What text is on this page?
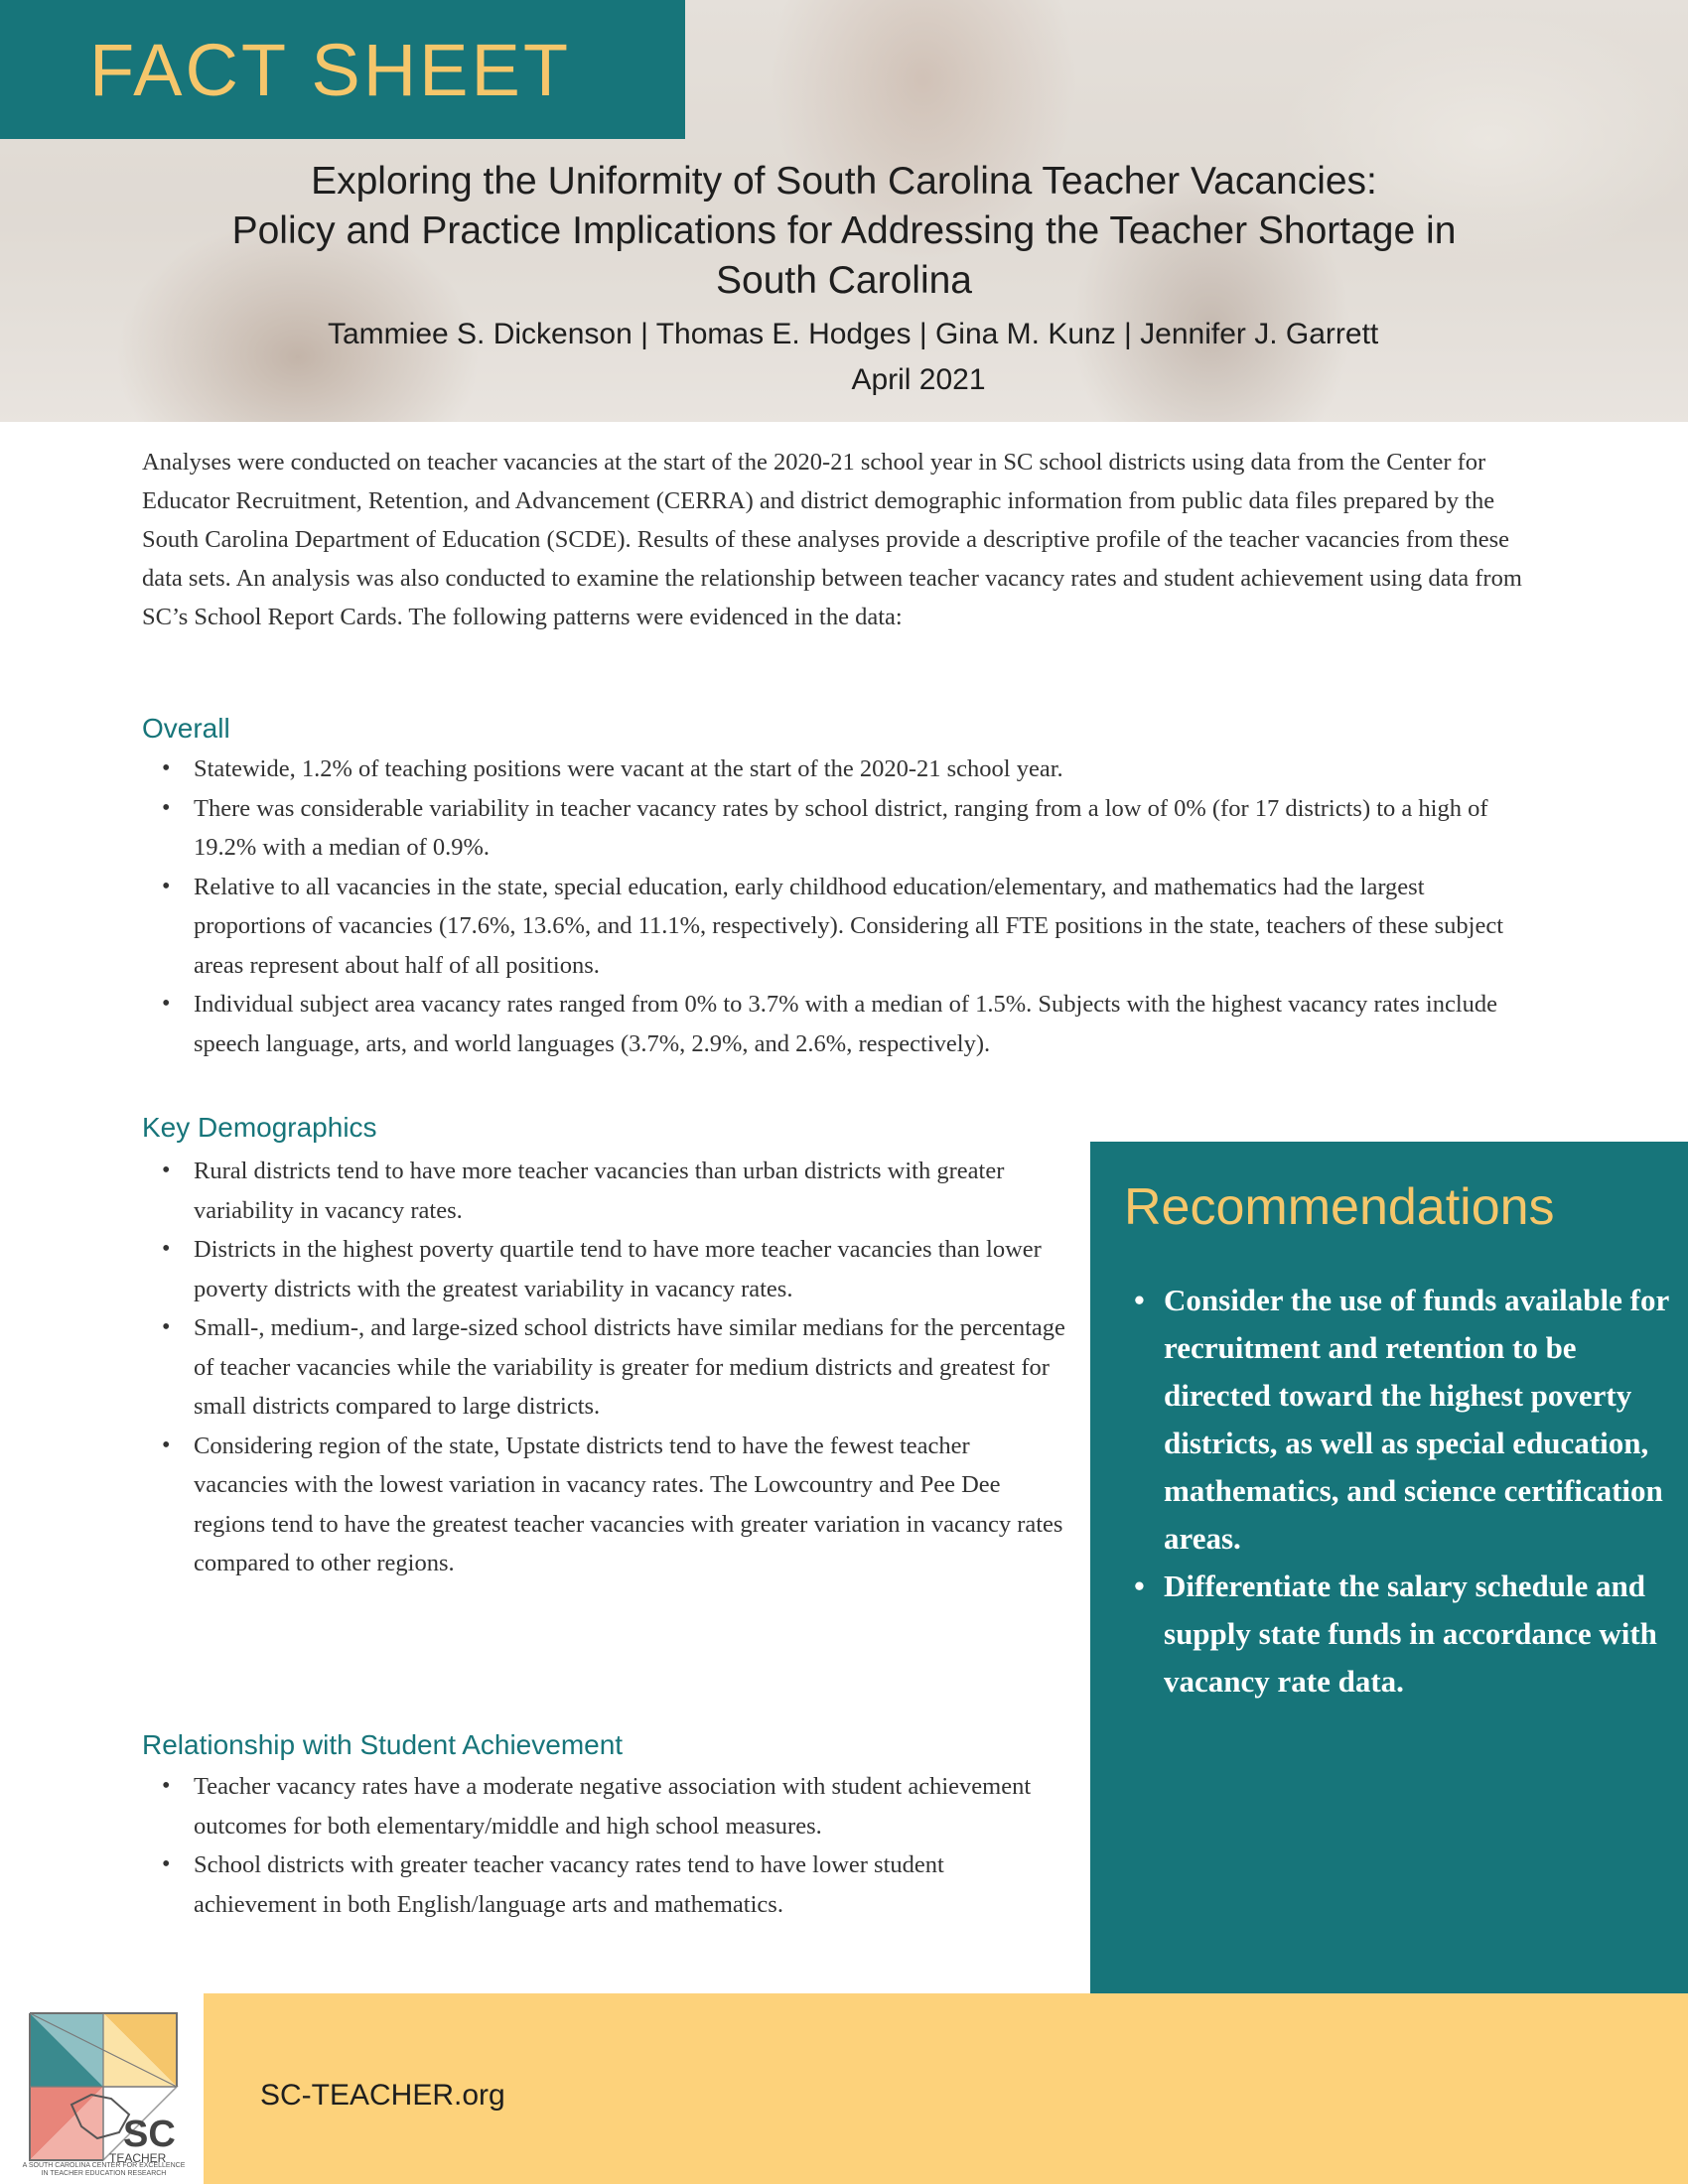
FACT SHEET
Exploring the Uniformity of South Carolina Teacher Vacancies:
Policy and Practice Implications for Addressing the Teacher Shortage in
South Carolina
Tammiee S. Dickenson | Thomas E. Hodges | Gina M. Kunz | Jennifer J. Garrett
April 2021

Analyses were conducted on teacher vacancies at the start of the 2020-21 school year in SC school districts using data from the Center for Educator Recruitment, Retention, and Advancement (CERRA) and district demographic information from public data files prepared by the South Carolina Department of Education (SCDE). Results of these analyses provide a descriptive profile of the teacher vacancies from these data sets. An analysis was also conducted to examine the relationship between teacher vacancy rates and student achievement using data from SC’s School Report Cards. The following patterns were evidenced in the data:

Overall
• Statewide, 1.2% of teaching positions were vacant at the start of the 2020-21 school year.
• There was considerable variability in teacher vacancy rates by school district, ranging from a low of 0% (for 17 districts) to a high of 19.2% with a median of 0.9%.
• Relative to all vacancies in the state, special education, early childhood education/elementary, and mathematics had the largest proportions of vacancies (17.6%, 13.6%, and 11.1%, respectively). Considering all FTE positions in the state, teachers of these subject areas represent about half of all positions.
• Individual subject area vacancy rates ranged from 0% to 3.7% with a median of 1.5%. Subjects with the highest vacancy rates include speech language, arts, and world languages (3.7%, 2.9%, and 2.6%, respectively).
Key Demographics
• Rural districts tend to have more teacher vacancies than urban districts with greater variability in vacancy rates.
• Districts in the highest poverty quartile tend to have more teacher vacancies than lower poverty districts with the greatest variability in vacancy rates.
• Small-, medium-, and large-sized school districts have similar medians for the percentage of teacher vacancies while the variability is greater for medium districts and greatest for small districts compared to large districts.
• Considering region of the state, Upstate districts tend to have the fewest teacher vacancies with the lowest variation in vacancy rates. The Lowcountry and Pee Dee regions tend to have the greatest teacher vacancies with greater variation in vacancy rates compared to other regions.
Relationship with Student Achievement
• Teacher vacancy rates have a moderate negative association with student achievement outcomes for both elementary/middle and high school measures.
• School districts with greater teacher vacancy rates tend to have lower student achievement in both English/language arts and mathematics.
Recommendations
• Consider the use of funds available for recruitment and retention to be directed toward the highest poverty districts, as well as special education, mathematics, and science certification areas.
• Differentiate the salary schedule and supply state funds in accordance with vacancy rate data.
SC
TEACHER
A SOUTH CAROLINA CENTER FOR EXCELLENCE
IN TEACHER EDUCATION RESEARCH
SC-TEACHER.org
